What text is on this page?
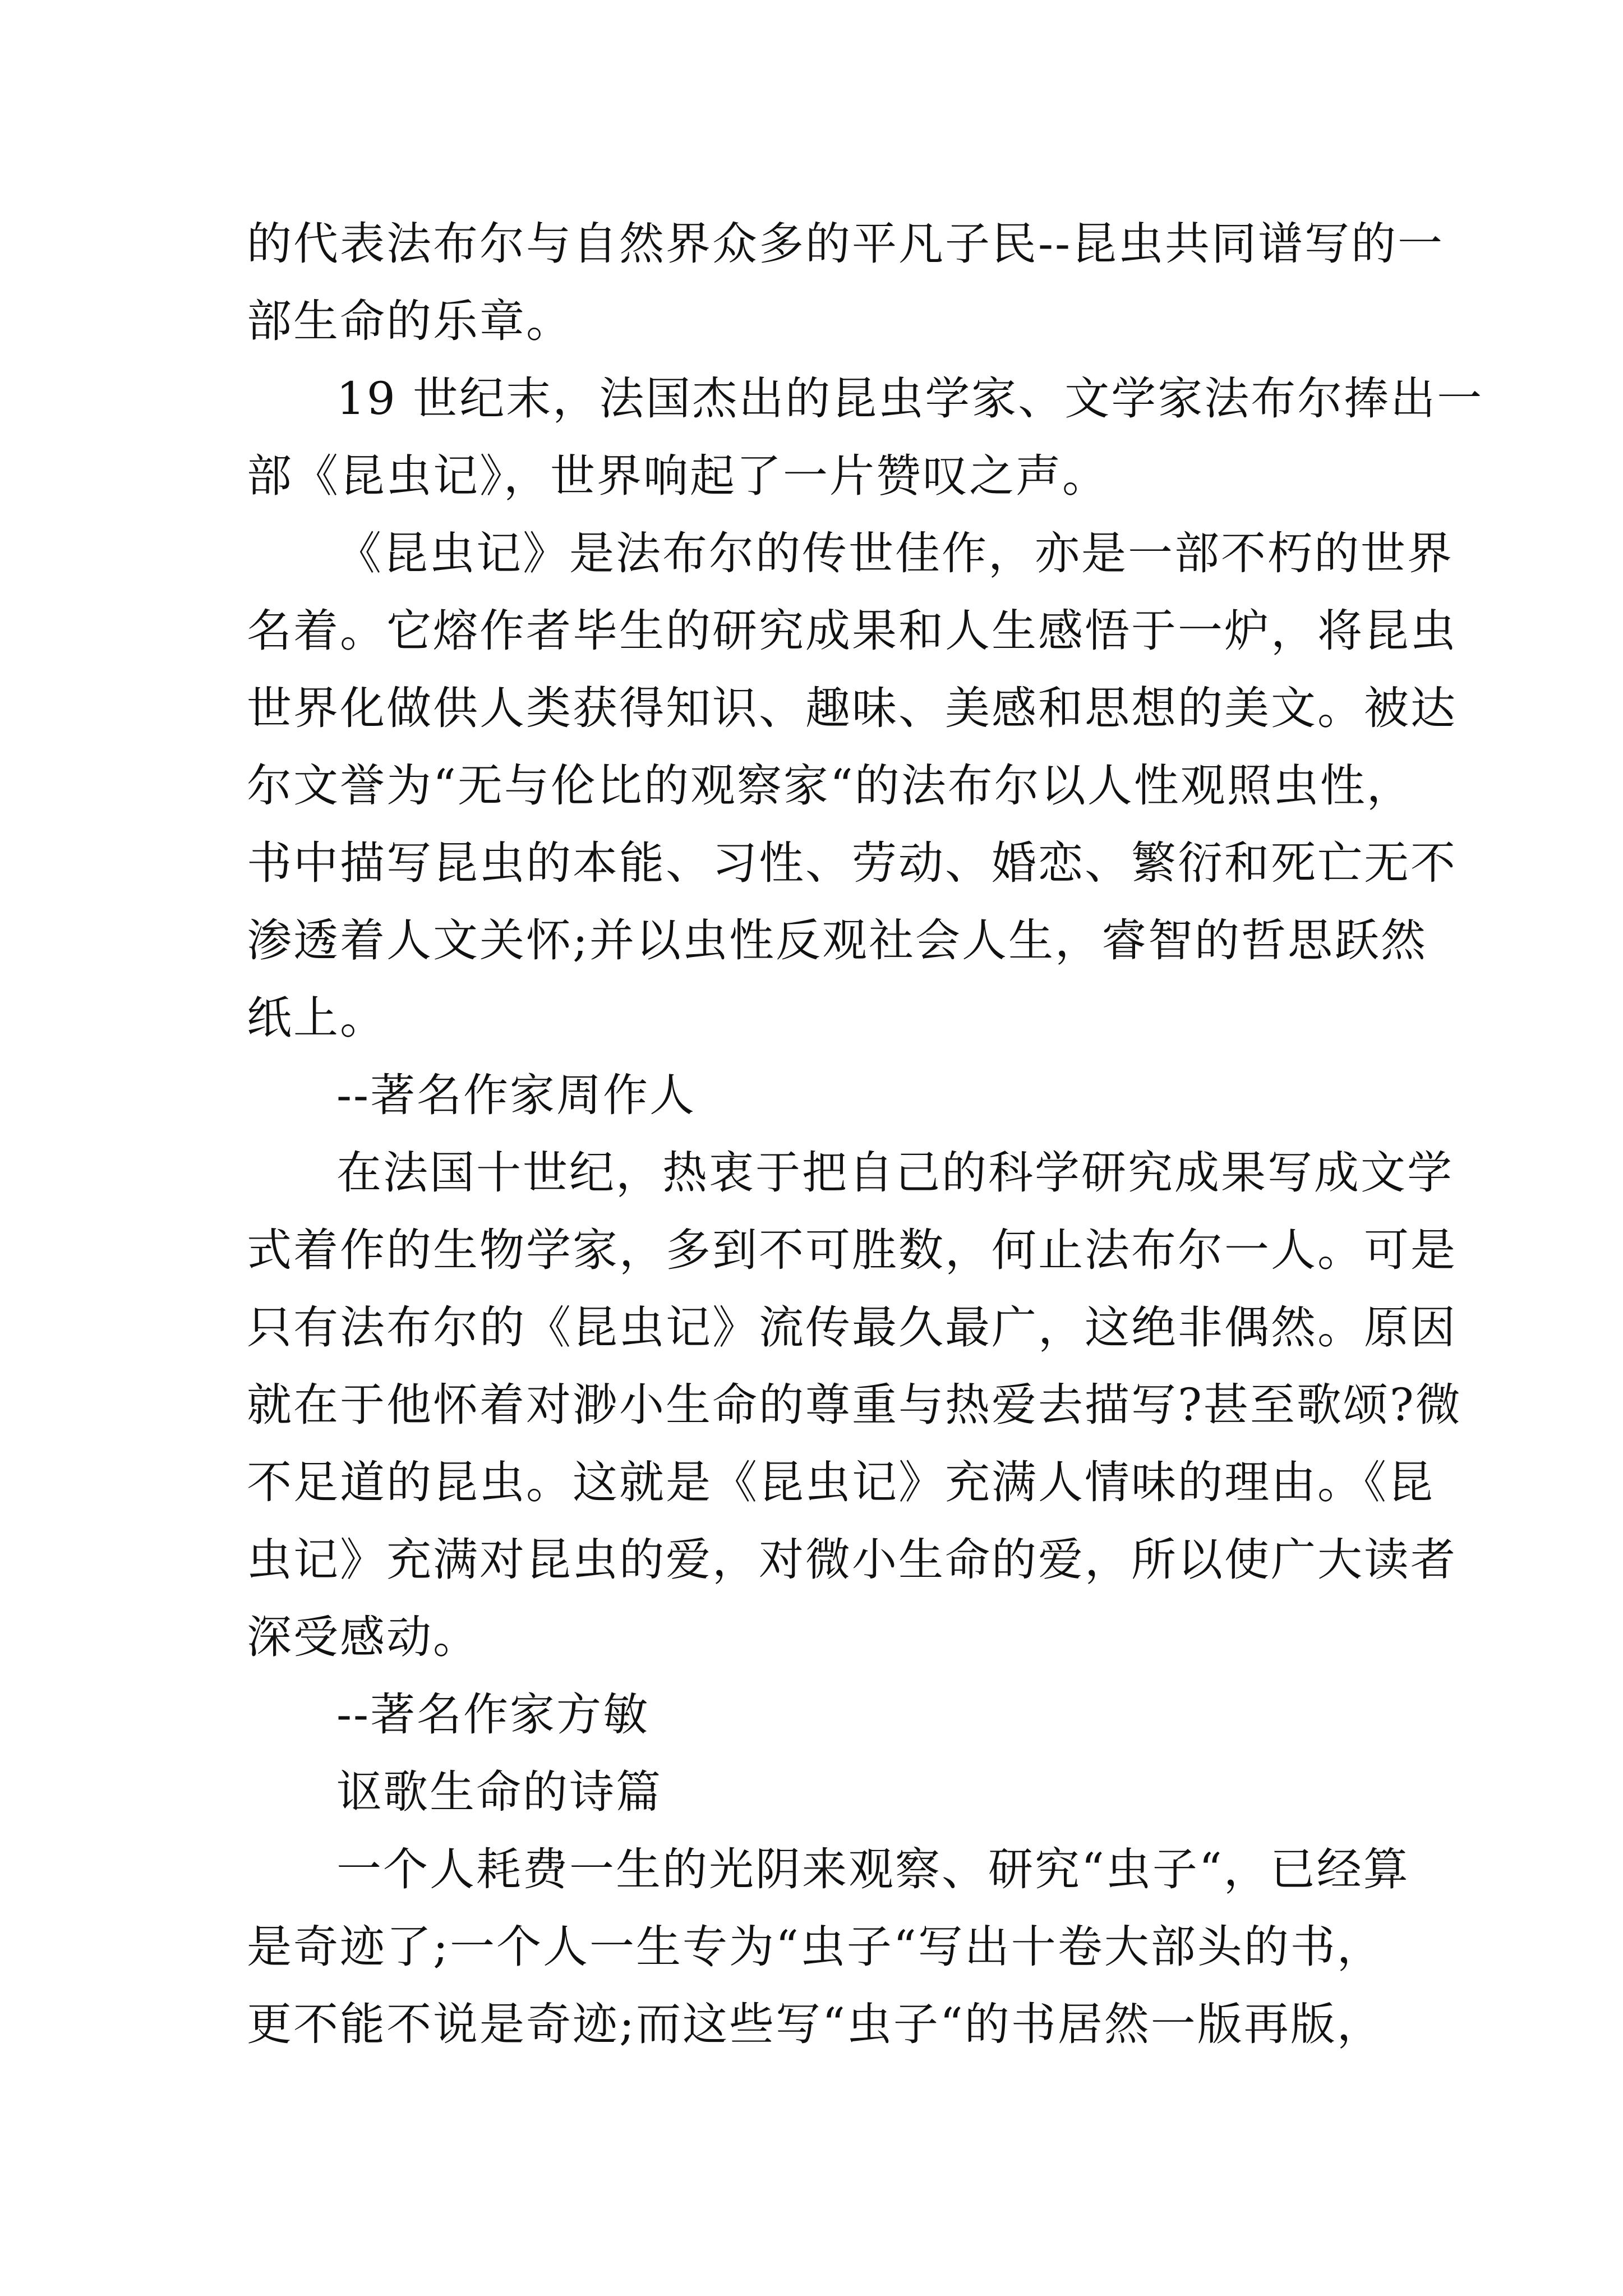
的代表法布尔与自然界众多的平凡子民--昆虫共同谱写的一
部生命的乐章。
19 世纪末，法国杰出的昆虫学家、文学家法布尔捧出一
部《昆虫记》，世界响起了一片赞叹之声。
《昆虫记》是法布尔的传世佳作，亦是一部不朽的世界
名着。它熔作者毕生的研究成果和人生感悟于一炉，将昆虫
世界化做供人类获得知识、趣味、美感和思想的美文。被达
尔文誉为“无与伦比的观察家“的法布尔以人性观照虫性，
书中描写昆虫的本能、习性、劳动、婚恋、繁衍和死亡无不
渗透着人文关怀;并以虫性反观社会人生，睿智的哲思跃然
纸上。
--著名作家周作人
在法国十世纪，热衷于把自己的科学研究成果写成文学
式着作的生物学家，多到不可胜数，何止法布尔一人。可是
只有法布尔的《昆虫记》流传最久最广，这绝非偶然。原因
就在于他怀着对渺小生命的尊重与热爱去描写?甚至歌颂?微
不足道的昆虫。这就是《昆虫记》充满人情味的理由。《昆
虫记》充满对昆虫的爱，对微小生命的爱，所以使广大读者
深受感动。
--著名作家方敏
讴歌生命的诗篇
一个人耗费一生的光阴来观察、研究“虫子“，已经算
是奇迹了;一个人一生专为“虫子“写出十卷大部头的书，
更不能不说是奇迹;而这些写“虫子“的书居然一版再版，
